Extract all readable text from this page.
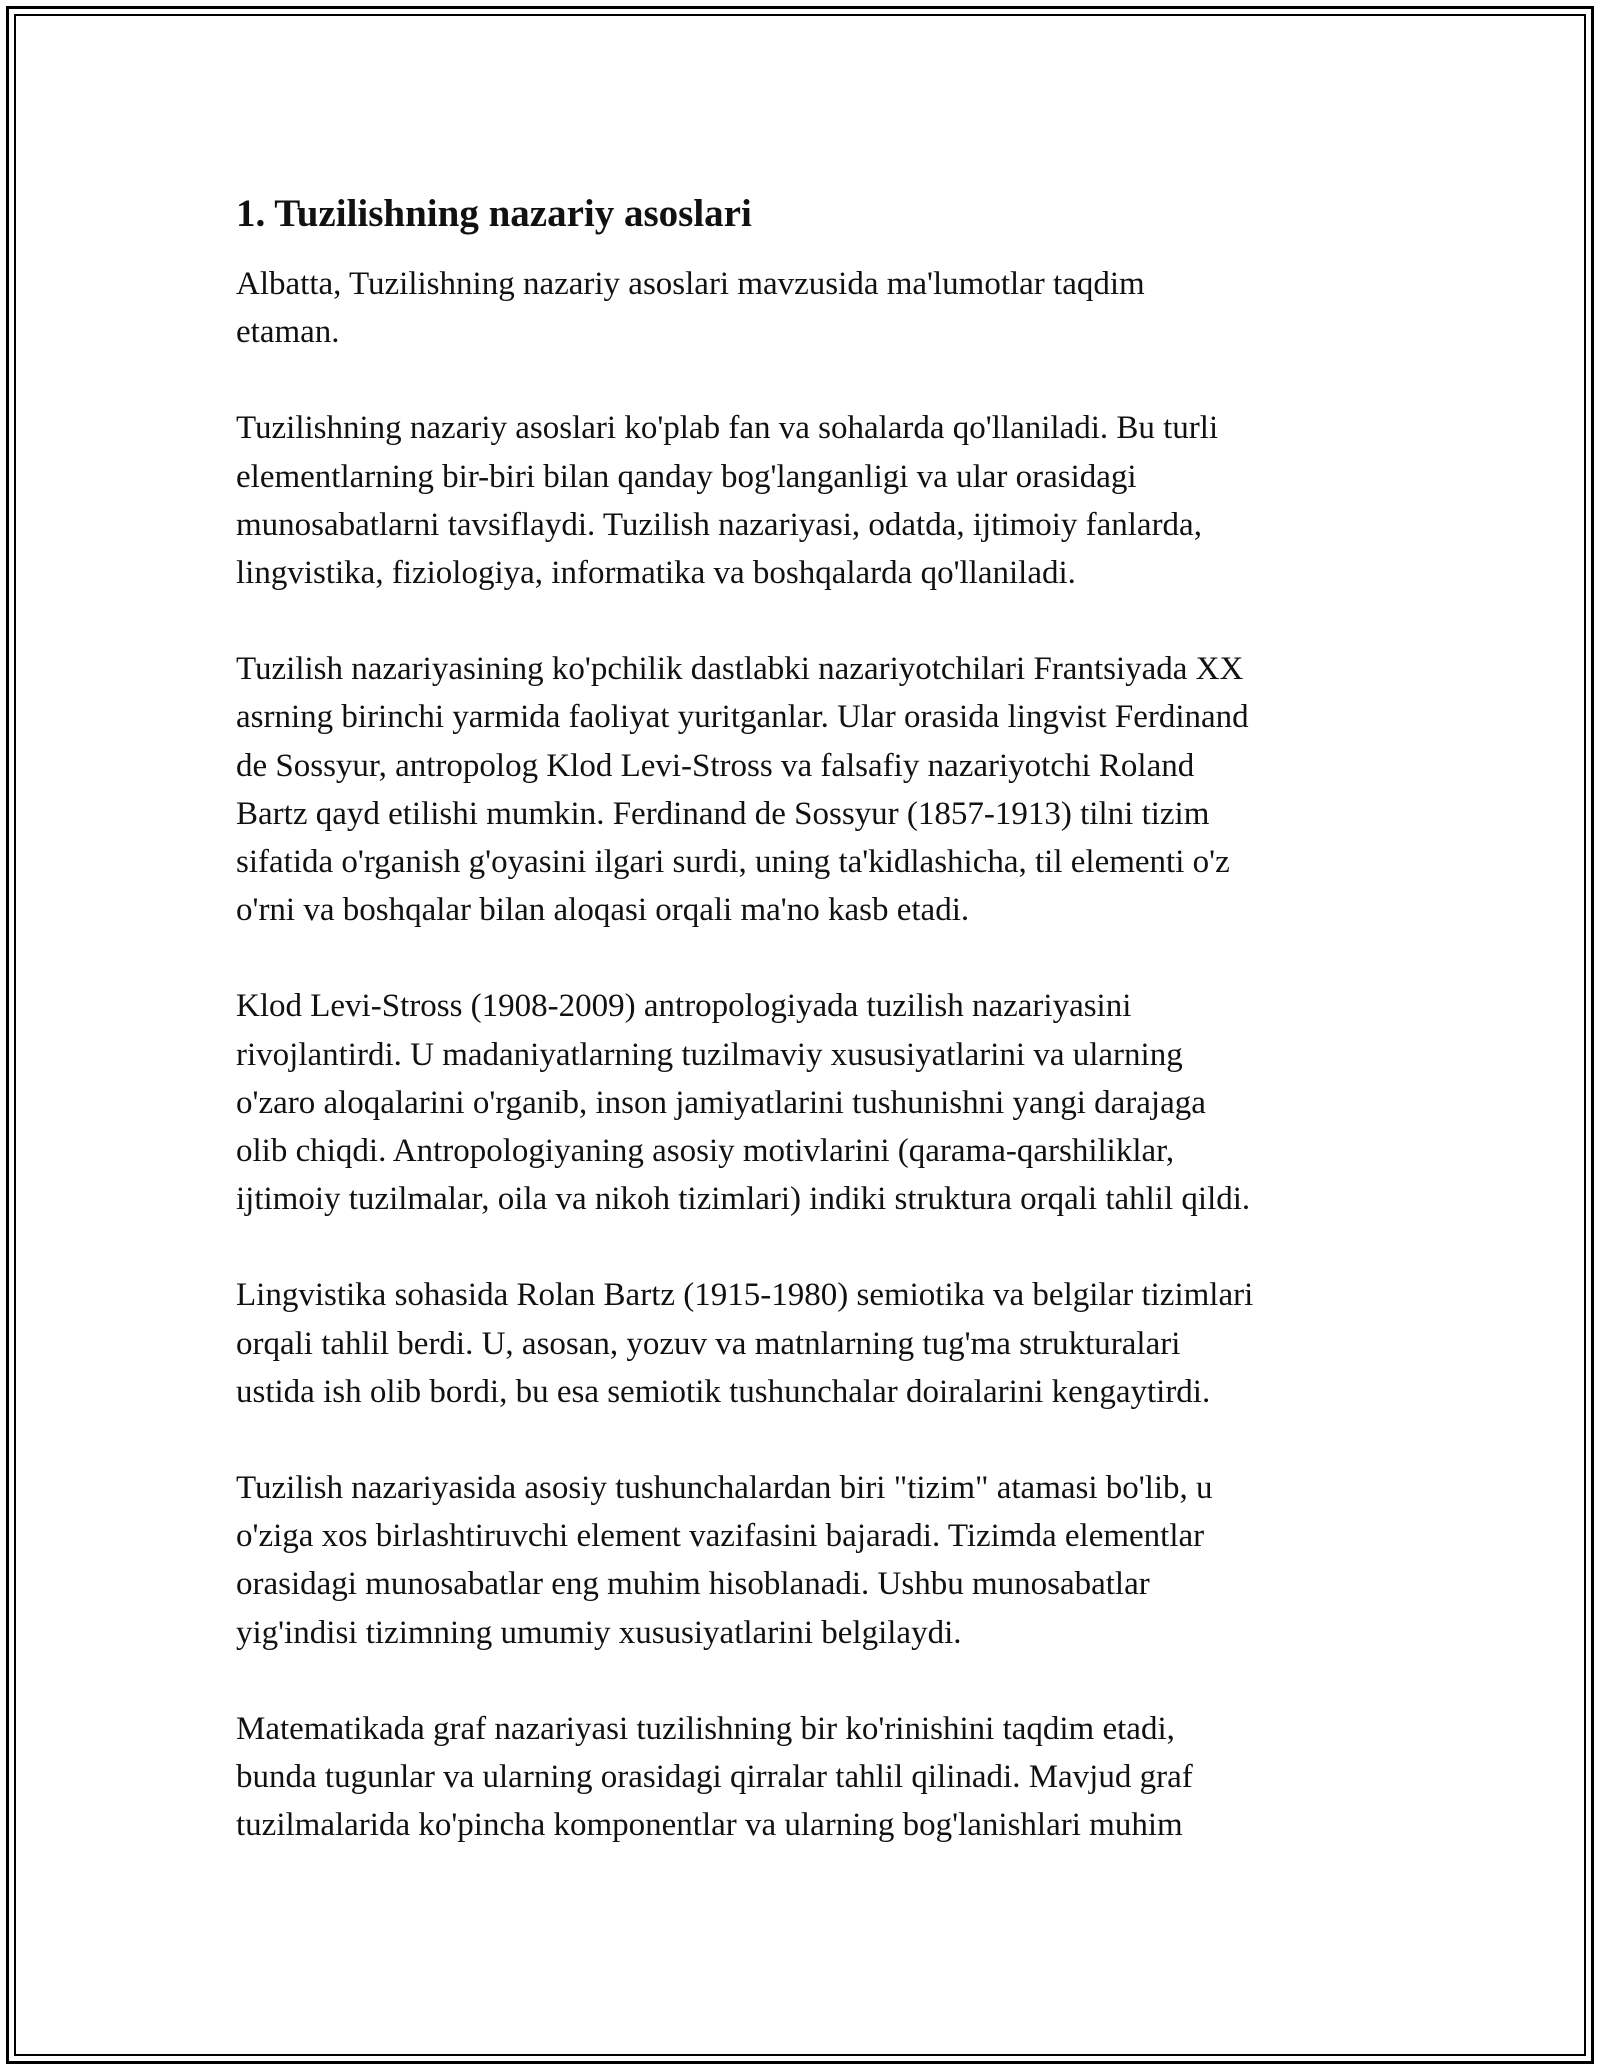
1. Tuzilishning nazariy asoslari

Albatta, Tuzilishning nazariy asoslari mavzusida ma'lumotlar taqdim
etaman.

Tuzilishning nazariy asoslari ko'plab fan va sohalarda qo'llaniladi. Bu turli
elementlarning bir-biri bilan qanday bog'langanligi va ular orasidagi
munosabatlarni tavsiflaydi. Tuzilish nazariyasi, odatda, ijtimoiy fanlarda,
lingvistika, fiziologiya, informatika va boshqalarda qo'llaniladi.

Tuzilish nazariyasining ko'pchilik dastlabki nazariyotchilari Frantsiyada XX
asrning birinchi yarmida faoliyat yuritganlar. Ular orasida lingvist Ferdinand
de Sossyur, antropolog Klod Levi-Stross va falsafiy nazariyotchi Roland
Bartz qayd etilishi mumkin. Ferdinand de Sossyur (1857-1913) tilni tizim
sifatida o'rganish g'oyasini ilgari surdi, uning ta'kidlashicha, til elementi o'z
o'rni va boshqalar bilan aloqasi orqali ma'no kasb etadi.

Klod Levi-Stross (1908-2009) antropologiyada tuzilish nazariyasini
rivojlantirdi. U madaniyatlarning tuzilmaviy xususiyatlarini va ularning
o'zaro aloqalarini o'rganib, inson jamiyatlarini tushunishni yangi darajaga
olib chiqdi. Antropologiyaning asosiy motivlarini (qarama-qarshiliklar,
ijtimoiy tuzilmalar, oila va nikoh tizimlari) indiki struktura orqali tahlil qildi.

Lingvistika sohasida Rolan Bartz (1915-1980) semiotika va belgilar tizimlari
orqali tahlil berdi. U, asosan, yozuv va matnlarning tug'ma strukturalari
ustida ish olib bordi, bu esa semiotik tushunchalar doiralarini kengaytirdi.

Tuzilish nazariyasida asosiy tushunchalardan biri "tizim" atamasi bo'lib, u
o'ziga xos birlashtiruvchi element vazifasini bajaradi. Tizimda elementlar
orasidagi munosabatlar eng muhim hisoblanadi. Ushbu munosabatlar
yig'indisi tizimning umumiy xususiyatlarini belgilaydi.

Matematikada graf nazariyasi tuzilishning bir ko'rinishini taqdim etadi,
bunda tugunlar va ularning orasidagi qirralar tahlil qilinadi. Mavjud graf
tuzilmalarida ko'pincha komponentlar va ularning bog'lanishlari muhim
